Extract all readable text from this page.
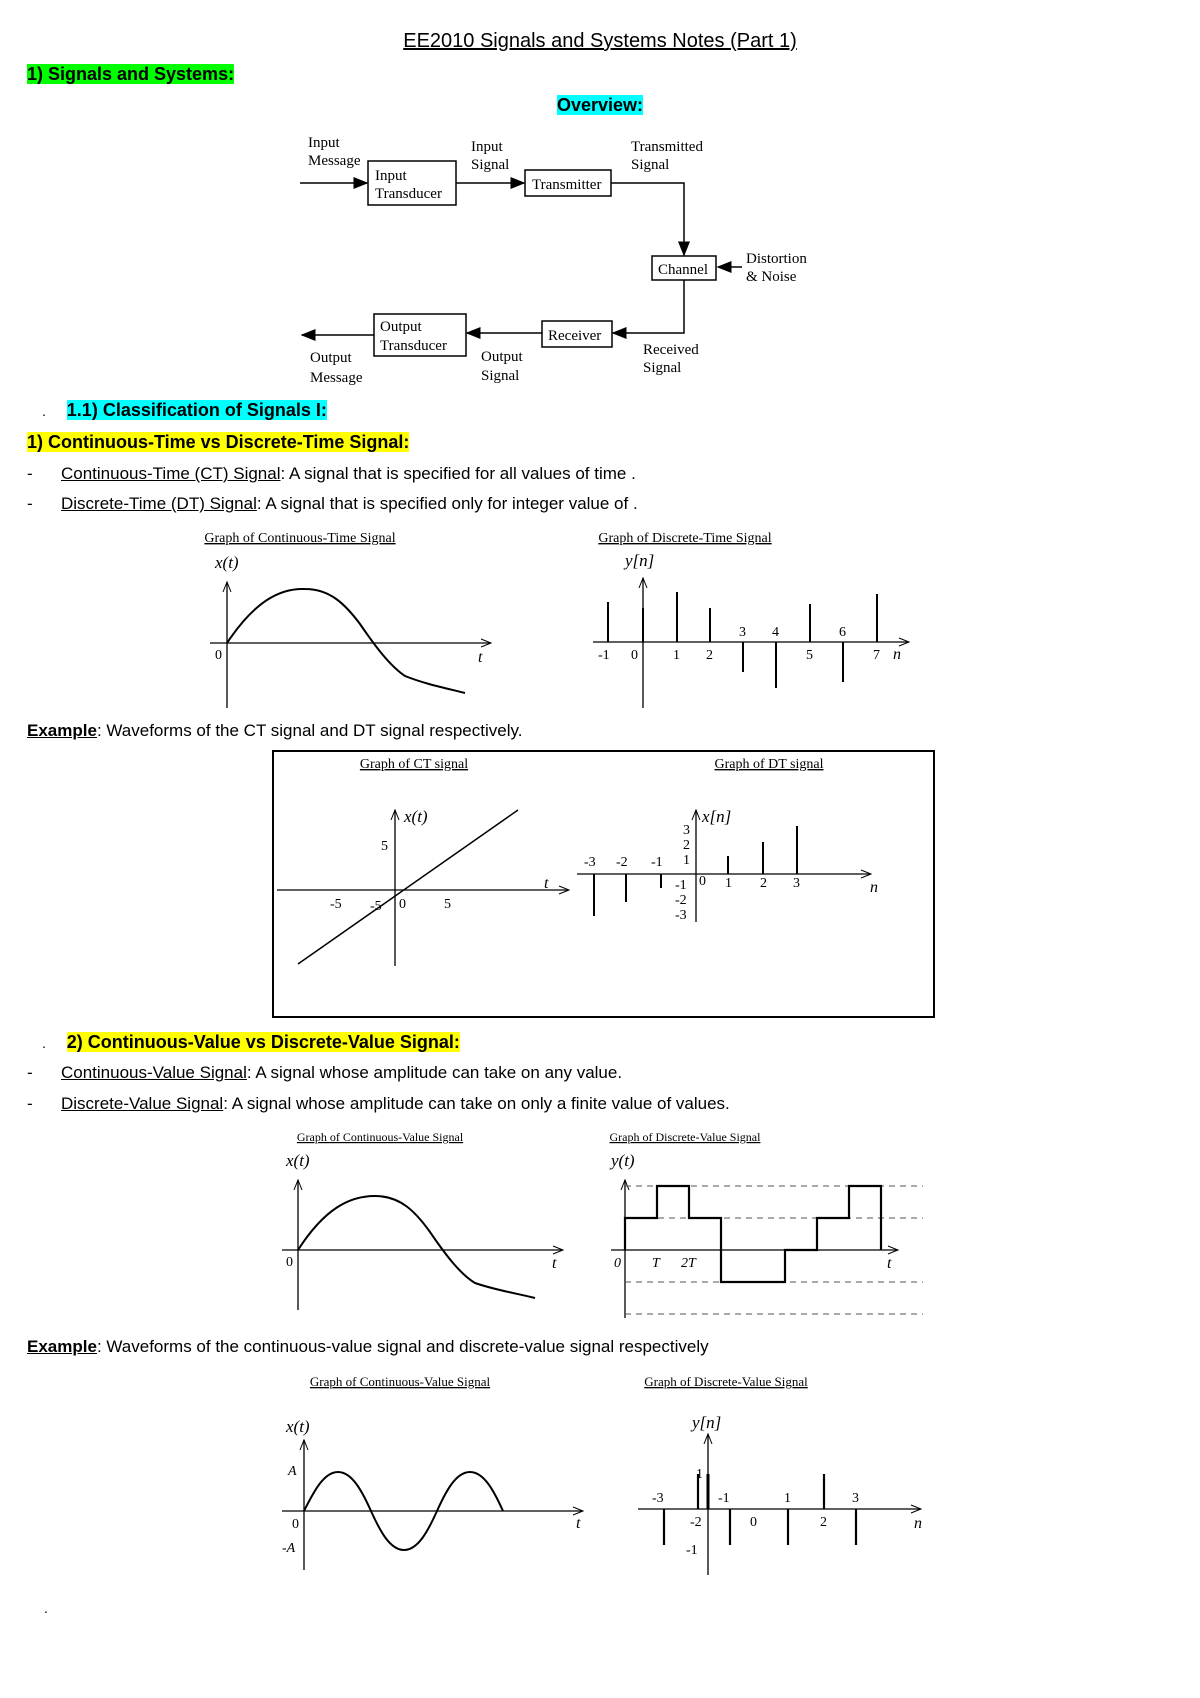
EE2010 Signals and Systems Notes (Part 1)
1) Signals and Systems:
Overview:
Input
Message
Input
Transducer
Input
Signal
Transmitter
Transmitted
Signal
Channel
Distortion
& Noise
Received
Signal
Receiver
Output
Signal
Output
Transducer
Output
Message
. 1.1) Classification of Signals I:
1) Continuous-Time vs Discrete-Time Signal:
- Continuous-Time (CT) Signal: A signal that is specified for all values of time .
- Discrete-Time (DT) Signal: A signal that is specified only for integer value of .
Graph of Continuous-Time Signal
x(t)
0	t
Graph of Discrete-Time Signal
y[n]
-1 0	1 2
3 4
5
6
7 n
Example: Waveforms of the CT signal and DT signal respectively.
Graph of CT signal	Graph of DT signal
x(t)
-5	0	5
5
-5
t
x[n]
-3 -2 -1
0 1 2 3
3
2
1
-1
-2
-3
n
. 2) Continuous-Value vs Discrete-Value Signal:
- Continuous-Value Signal: A signal whose amplitude can take on any value.
- Discrete-Value Signal: A signal whose amplitude can take on only a finite value of values.
Graph of Continuous-Value Signal
x(t)
0	t
Graph of Discrete-Value Signal
y(t)
0 T 2T	t
Example: Waveforms of the continuous-value signal and discrete-value signal respectively
Graph of Continuous-Value Signal
x(t)
A
0
-A
t
Graph of Discrete-Value Signal
y[n]
-3
-2
-1
0
1
2
3
1
-1
n
.
